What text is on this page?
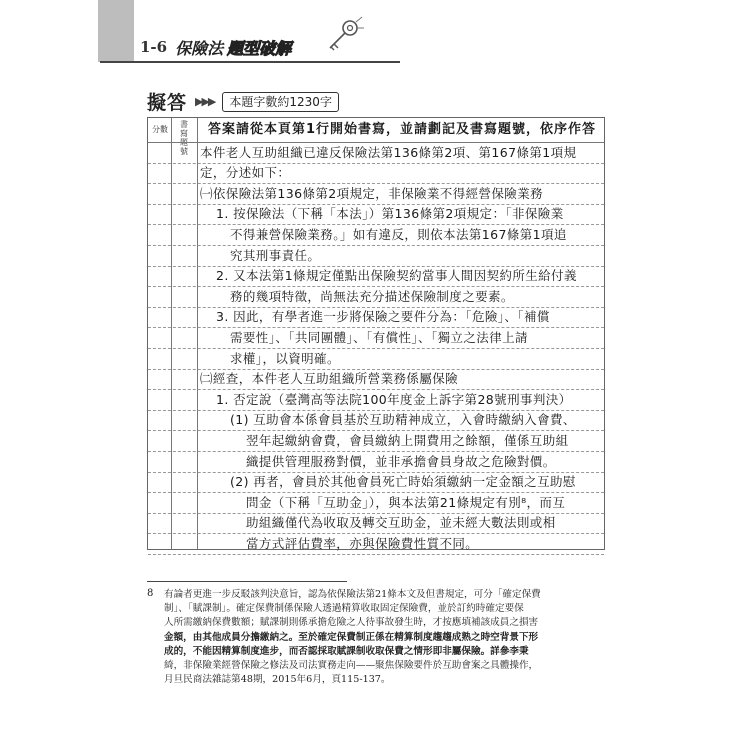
1-6 保險法 題型破解
擬答 ▶▶▶	本題字數約1230字
分數
書寫題號
答案請從本頁第1行開始書寫，並請劃記及書寫題號，依序作答
本件老人互助組織已違反保險法第136條第2項、第167條第1項規
定，分述如下：
㈠依保險法第136條第2項規定，非保險業不得經營保險業務
1. 按保險法（下稱「本法」）第136條第2項規定：「非保險業
不得兼營保險業務。」如有違反，則依本法第167條第1項追
究其刑事責任。
2. 又本法第1條規定僅點出保險契約當事人間因契約所生給付義
務的幾項特徵，尚無法充分描述保險制度之要素。
3. 因此，有學者進一步將保險之要件分為：「危險」、「補償
需要性」、「共同團體」、「有償性」、「獨立之法律上請
求權」，以資明確。
㈡經查，本件老人互助組織所營業務係屬保險
1. 否定說（臺灣高等法院100年度金上訴字第28號刑事判決）
(1) 互助會本係會員基於互助精神成立，入會時繳納入會費、
翌年起繳納會費，會員繳納上開費用之餘額，僅係互助組
織提供管理服務對價，並非承擔會員身故之危險對價。
(2) 再者，會員於其他會員死亡時始須繳納一定金額之互助慰
問金（下稱「互助金」），與本法第21條規定有別⁸，而互
助組織僅代為收取及轉交互助金，並未經大數法則或相
當方式評估費率，亦與保險費性質不同。
8 有論者更進一步反駁該判決意旨，認為依保險法第21條本文及但書規定，可分「確定保費
制」、「賦課制」。確定保費制係保險人透過精算收取固定保險費，並於訂約時確定要保
人所需繳納保費數額；賦課制則係承擔危險之人待事故發生時，才按應填補該成員之損害
金額，由其他成員分擔繳納之。至於確定保費制正係在精算制度趨趨成熟之時空背景下形
成的，不能因精算制度進步，而否認採取賦課制收取保費之情形即非屬保險。詳參李秉
綺，非保險業經營保險之修法及司法實務走向——聚焦保險要件於互助會案之具體操作，
月旦民商法雜誌第48期，2015年6月，頁115-137。
